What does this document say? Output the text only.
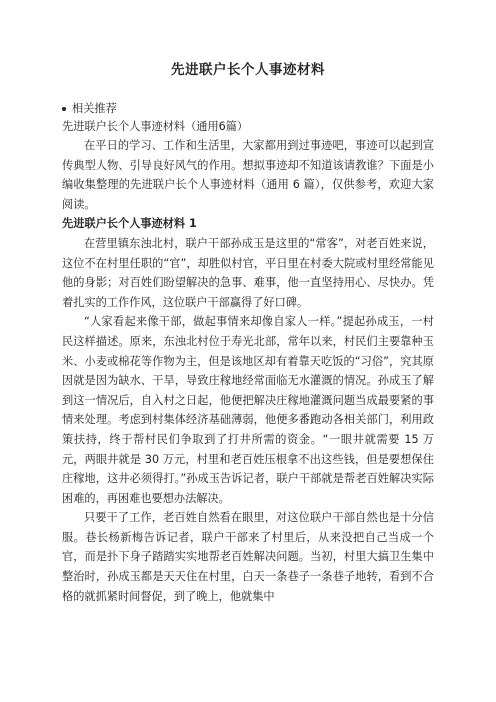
先进联户长个人事迹材料

相关推荐

先进联户长个人事迹材料（通用6篇）

在平日的学习、工作和生活里，大家都用到过事迹吧，事迹可以起到宣传典型人物、引导良好风气的作用。想拟事迹却不知道该请教谁？下面是小编收集整理的先进联户长个人事迹材料（通用 6 篇），仅供参考，欢迎大家阅读。

先进联户长个人事迹材料 1

在营里镇东浊北村，联户干部孙成玉是这里的“常客”，对老百姓来说，这位不在村里任职的“官”，却胜似村官，平日里在村委大院或村里经常能见他的身影；对百姓们盼望解决的急事、难事，他一直坚持用心、尽快办。凭着扎实的工作作风，这位联户干部赢得了好口碑。

“人家看起来像干部，做起事情来却像自家人一样。”提起孙成玉，一村民这样描述。原来，东浊北村位于寿光北部，常年以来，村民们主要靠种玉米、小麦或棉花等作物为主，但是该地区却有着靠天吃饭的“习俗”，究其原因就是因为缺水、干旱，导致庄稼地经常面临无水灌溉的情况。孙成玉了解到这一情况后，自入村之日起，他便把解决庄稼地灌溉问题当成最要紧的事情来处理。考虑到村集体经济基础薄弱，他便多番跑动各相关部门，利用政策扶持，终于帮村民们争取到了打井所需的资金。“一眼井就需要 15 万元，两眼井就是 30 万元，村里和老百姓压根拿不出这些钱，但是要想保住庄稼地，这井必须得打。”孙成玉告诉记者，联户干部就是帮老百姓解决实际困难的，再困难也要想办法解决。

只要干了工作，老百姓自然看在眼里，对这位联户干部自然也是十分信服。巷长杨新梅告诉记者，联户干部来了村里后，从来没把自己当成一个官，而是扑下身子踏踏实实地帮老百姓解决问题。当初，村里大搞卫生集中整治时，孙成玉都是天天住在村里，白天一条巷子一条巷子地转，看到不合格的就抓紧时间督促，到了晚上，他就集中
